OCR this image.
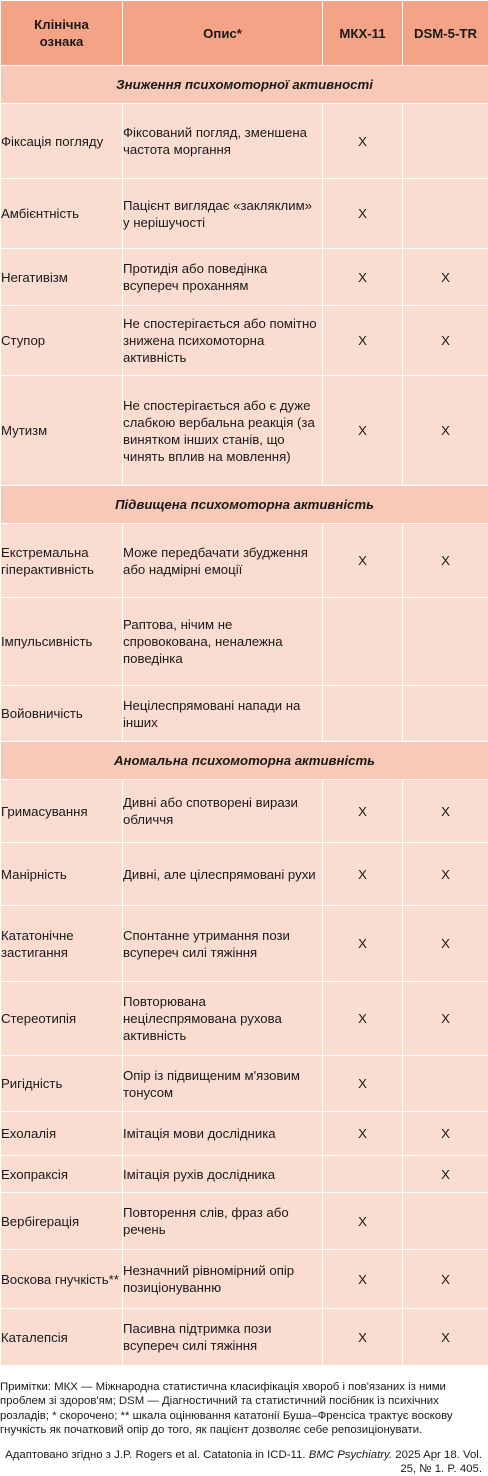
Клінічна ознака	Опис*	МКХ-11	DSM-5-TR
Зниження психомоторної активності			
Фіксація погляду	Фіксований погляд, зменшена частота моргання	X	
Амбієнтність	Пацієнт виглядає «закляклим» у нерішучості	X	
Негативізм	Протидія або поведінка всупереч проханням	X	X
Ступор	Не спостерігається або помітно знижена психомоторна активність	X	X
Мутизм	Не спостерігається або є дуже слабкою вербальна реакція (за винятком інших станів, що чинять вплив на мовлення)	X	X
Підвищена психомоторна активність			
Екстремальна гіперактивність	Може передбачати збудження або надмірні емоції	X	X
Імпульсивність	Раптова, нічим не спровокована, неналежна поведінка		
Войовничість	Нецілеспрямовані напади на інших		
Аномальна психомоторна активність			
Гримасування	Дивні або спотворені вирази обличчя	X	X
Манірність	Дивні, але цілеспрямовані рухи	X	X
Кататонічне застигання	Спонтанне утримання пози всупереч силі тяжіння	X	X
Стереотипія	Повторювана нецілеспрямована рухова активність	X	X
Ригідність	Опір із підвищеним м'язовим тонусом	X	
Ехолалія	Імітація мови дослідника	X	X
Ехопраксія	Імітація рухів дослідника		X
Вербігерація	Повторення слів, фраз або речень	X	
Воскова гнучкість**	Незначний рівномірний опір позиціонуванню	X	X
Каталепсія	Пасивна підтримка пози всупереч силі тяжіння	X	X
Примітки: МКХ — Міжнародна статистична класифікація хвороб і пов'язаних із ними проблем зі здоров'ям; DSM — Діагностичний та статистичний посібник із психічних розладів; * скорочено; ** шкала оцінювання кататонії Буша–Френсіса трактує воскову гнучкість як початковий опір до того, як пацієнт дозволяє себе репозиціонувати.
Адаптовано згідно з J.P. Rogers et al. Catatonia in ICD-11. BMC Psychiatry. 2025 Apr 18. Vol. 25, № 1. P. 405.
